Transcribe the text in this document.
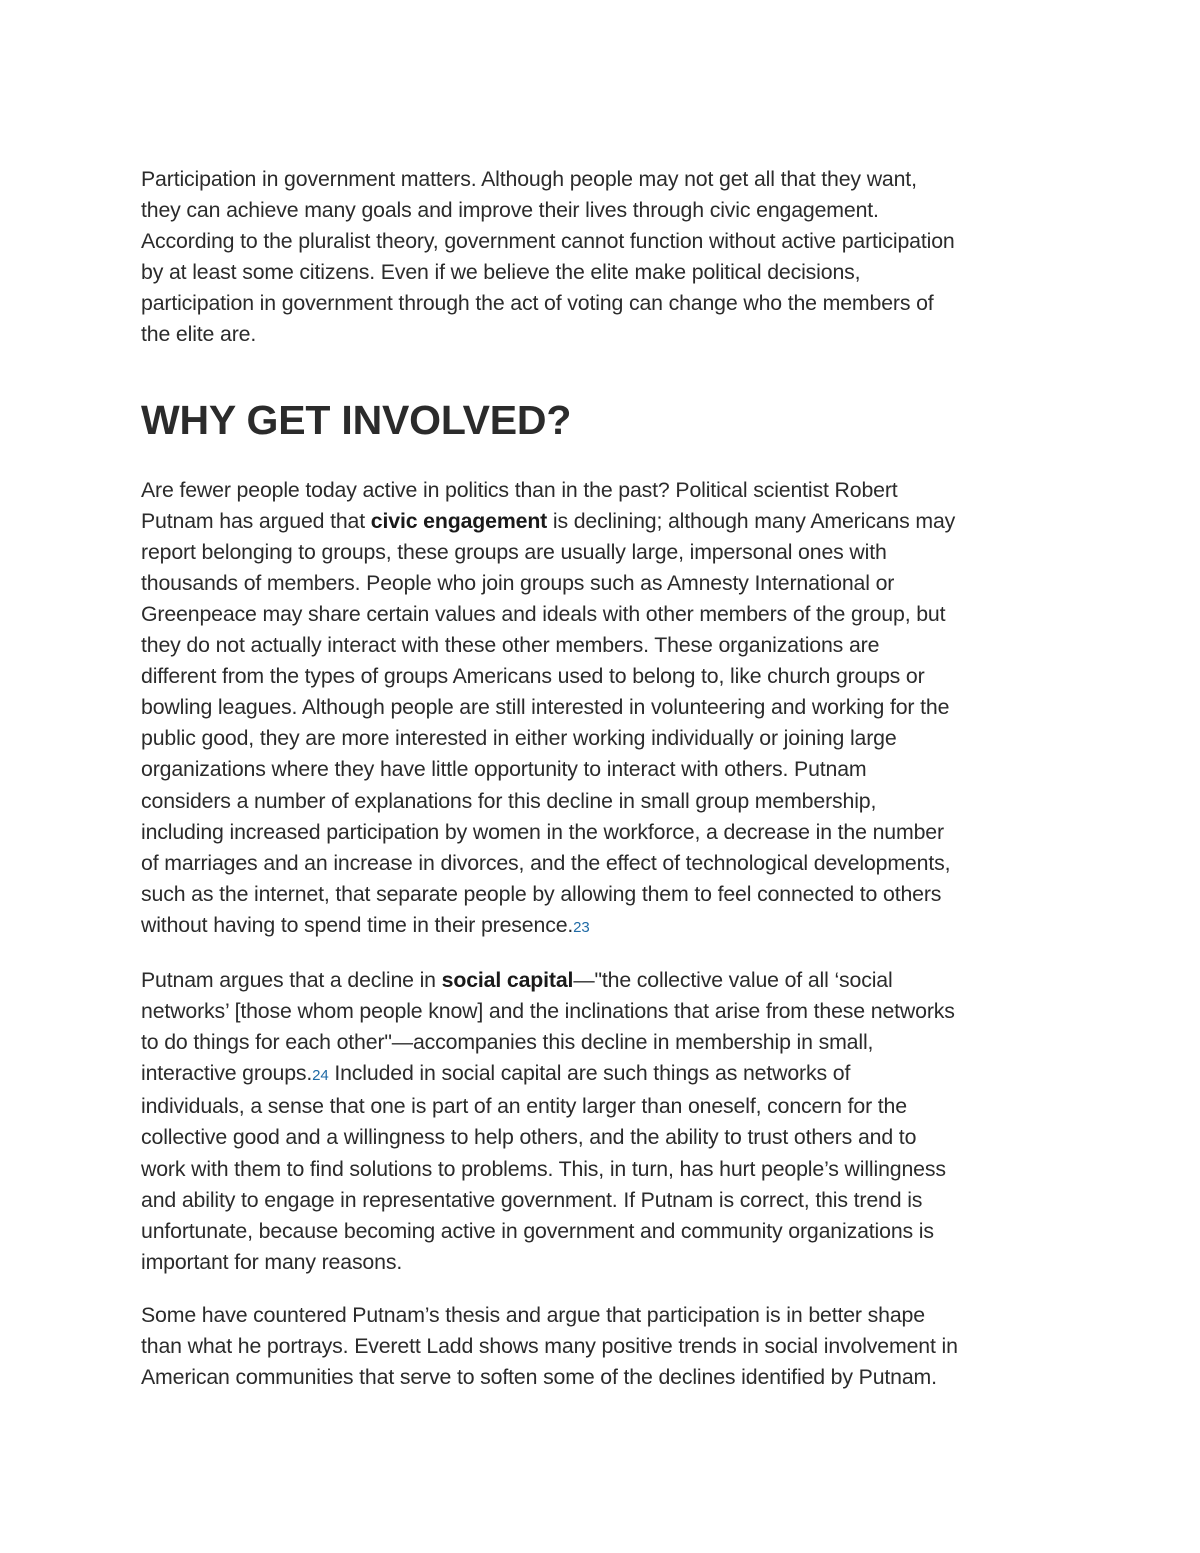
Participation in government matters. Although people may not get all that they want,
they can achieve many goals and improve their lives through civic engagement.
According to the pluralist theory, government cannot function without active participation
by at least some citizens. Even if we believe the elite make political decisions,
participation in government through the act of voting can change who the members of
the elite are.

WHY GET INVOLVED?

Are fewer people today active in politics than in the past? Political scientist Robert
Putnam has argued that civic engagement is declining; although many Americans may
report belonging to groups, these groups are usually large, impersonal ones with
thousands of members. People who join groups such as Amnesty International or
Greenpeace may share certain values and ideals with other members of the group, but
they do not actually interact with these other members. These organizations are
different from the types of groups Americans used to belong to, like church groups or
bowling leagues. Although people are still interested in volunteering and working for the
public good, they are more interested in either working individually or joining large
organizations where they have little opportunity to interact with others. Putnam
considers a number of explanations for this decline in small group membership,
including increased participation by women in the workforce, a decrease in the number
of marriages and an increase in divorces, and the effect of technological developments,
such as the internet, that separate people by allowing them to feel connected to others
without having to spend time in their presence.23

Putnam argues that a decline in social capital—"the collective value of all ‘social
networks’ [those whom people know] and the inclinations that arise from these networks
to do things for each other"—accompanies this decline in membership in small,
interactive groups.24 Included in social capital are such things as networks of
individuals, a sense that one is part of an entity larger than oneself, concern for the
collective good and a willingness to help others, and the ability to trust others and to
work with them to find solutions to problems. This, in turn, has hurt people’s willingness
and ability to engage in representative government. If Putnam is correct, this trend is
unfortunate, because becoming active in government and community organizations is
important for many reasons.

Some have countered Putnam’s thesis and argue that participation is in better shape
than what he portrays. Everett Ladd shows many positive trends in social involvement in
American communities that serve to soften some of the declines identified by Putnam.
